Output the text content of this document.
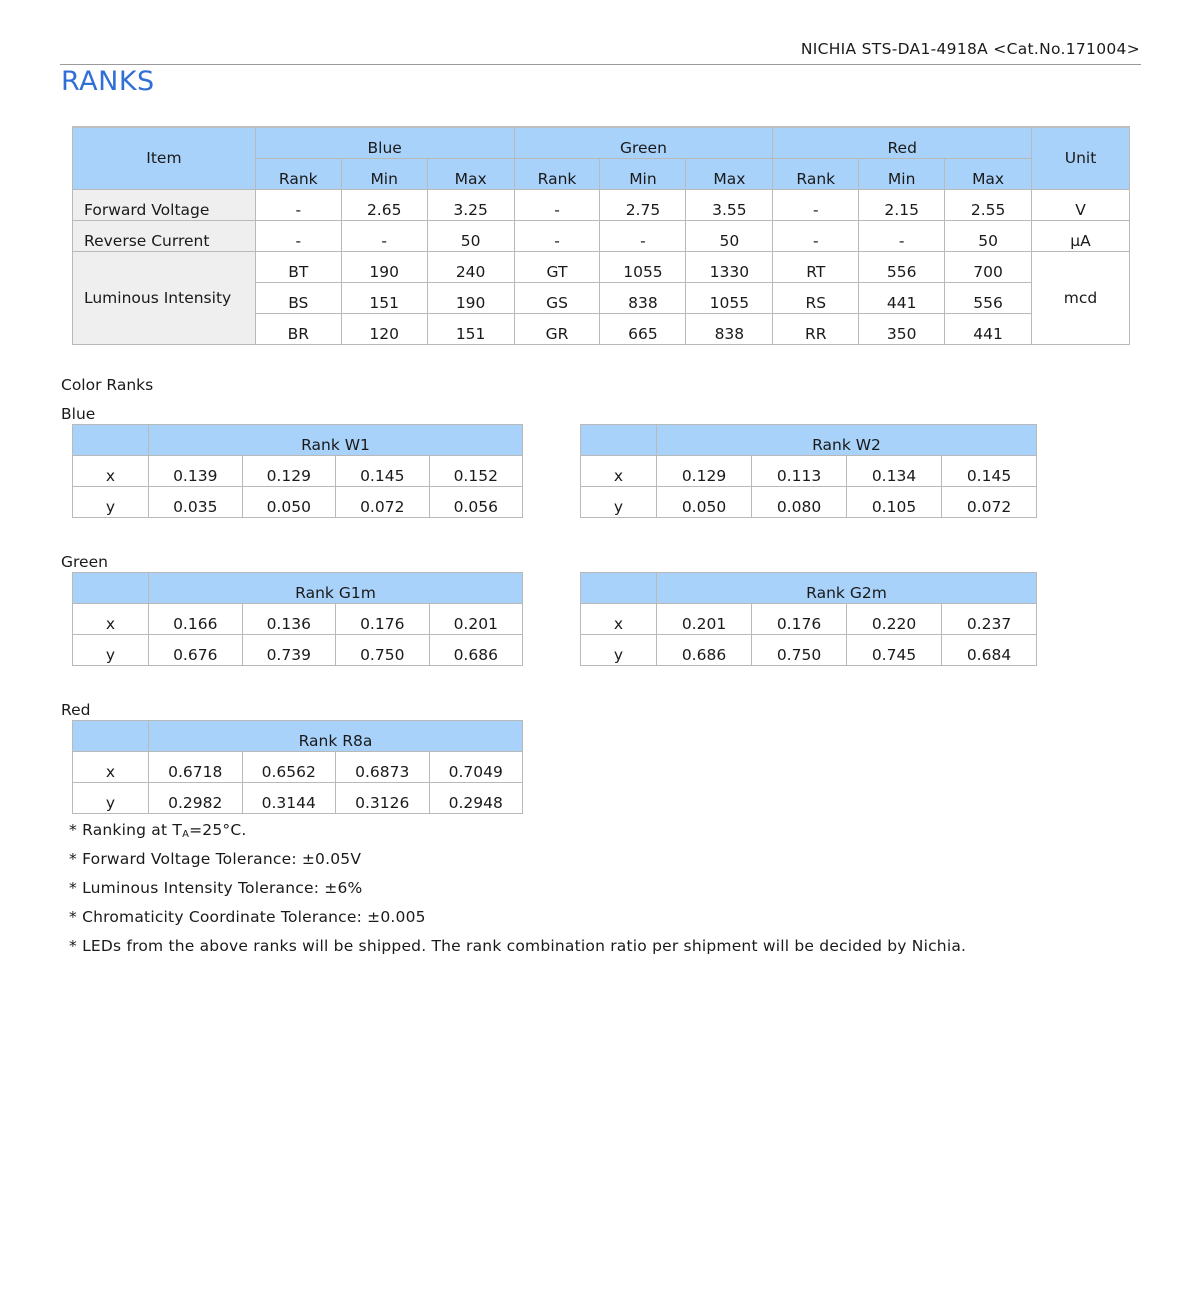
NICHIA STS-DA1-4918A <Cat.No.171004>
RANKS
Item	Blue			Green			Red			Unit
	Rank	Min	Max	Rank	Min	Max	Rank	Min	Max	
Forward Voltage	-	2.65	3.25	-	2.75	3.55	-	2.15	2.55	V
Reverse Current	-	-	50	-	-	50	-	-	50	μA
Luminous Intensity	BT	190	240	GT	1055	1330	RT	556	700	mcd
	BS	151	190	GS	838	1055	RS	441	556	
	BR	120	151	GR	665	838	RR	350	441	
Color Ranks
Blue
	Rank W1			
x	0.139	0.129	0.145	0.152
y	0.035	0.050	0.072	0.056
	Rank W2			
x	0.129	0.113	0.134	0.145
y	0.050	0.080	0.105	0.072
Green
	Rank G1m			
x	0.166	0.136	0.176	0.201
y	0.676	0.739	0.750	0.686
	Rank G2m			
x	0.201	0.176	0.220	0.237
y	0.686	0.750	0.745	0.684
Red
	Rank R8a			
x	0.6718	0.6562	0.6873	0.7049
y	0.2982	0.3144	0.3126	0.2948
* Ranking at $T_A=25^\circ C$.
* Forward Voltage Tolerance: ±0.05V
* Luminous Intensity Tolerance: ±6%
* Chromaticity Coordinate Tolerance: ±0.005
* LEDs from the above ranks will be shipped. The rank combination ratio per shipment will be decided by Nichia.
